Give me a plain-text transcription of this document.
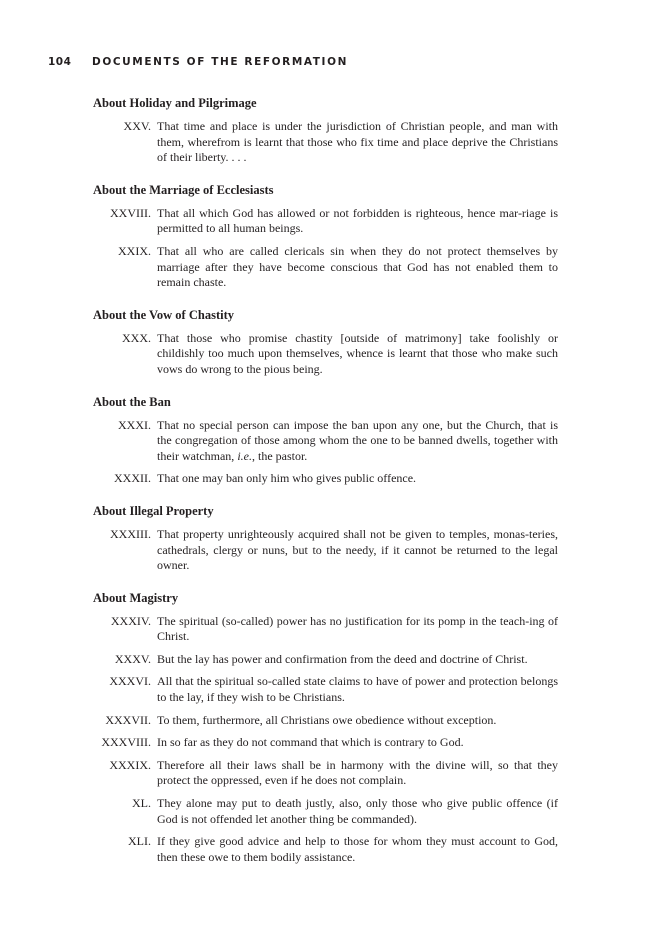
104 DOCUMENTS OF THE REFORMATION
About Holiday and Pilgrimage
XXV. That time and place is under the jurisdiction of Christian people, and man with them, wherefrom is learnt that those who fix time and place deprive the Christians of their liberty. . . .
About the Marriage of Ecclesiasts
XXVIII. That all which God has allowed or not forbidden is righteous, hence mar-riage is permitted to all human beings.
XXIX. That all who are called clericals sin when they do not protect themselves by marriage after they have become conscious that God has not enabled them to remain chaste.
About the Vow of Chastity
XXX. That those who promise chastity [outside of matrimony] take foolishly or childishly too much upon themselves, whence is learnt that those who make such vows do wrong to the pious being.
About the Ban
XXXI. That no special person can impose the ban upon any one, but the Church, that is the congregation of those among whom the one to be banned dwells, together with their watchman, i.e., the pastor.
XXXII. That one may ban only him who gives public offence.
About Illegal Property
XXXIII. That property unrighteously acquired shall not be given to temples, monas-teries, cathedrals, clergy or nuns, but to the needy, if it cannot be returned to the legal owner.
About Magistry
XXXIV. The spiritual (so-called) power has no justification for its pomp in the teach-ing of Christ.
XXXV. But the lay has power and confirmation from the deed and doctrine of Christ.
XXXVI. All that the spiritual so-called state claims to have of power and protection belongs to the lay, if they wish to be Christians.
XXXVII. To them, furthermore, all Christians owe obedience without exception.
XXXVIII. In so far as they do not command that which is contrary to God.
XXXIX. Therefore all their laws shall be in harmony with the divine will, so that they protect the oppressed, even if he does not complain.
XL. They alone may put to death justly, also, only those who give public offence (if God is not offended let another thing be commanded).
XLI. If they give good advice and help to those for whom they must account to God, then these owe to them bodily assistance.
